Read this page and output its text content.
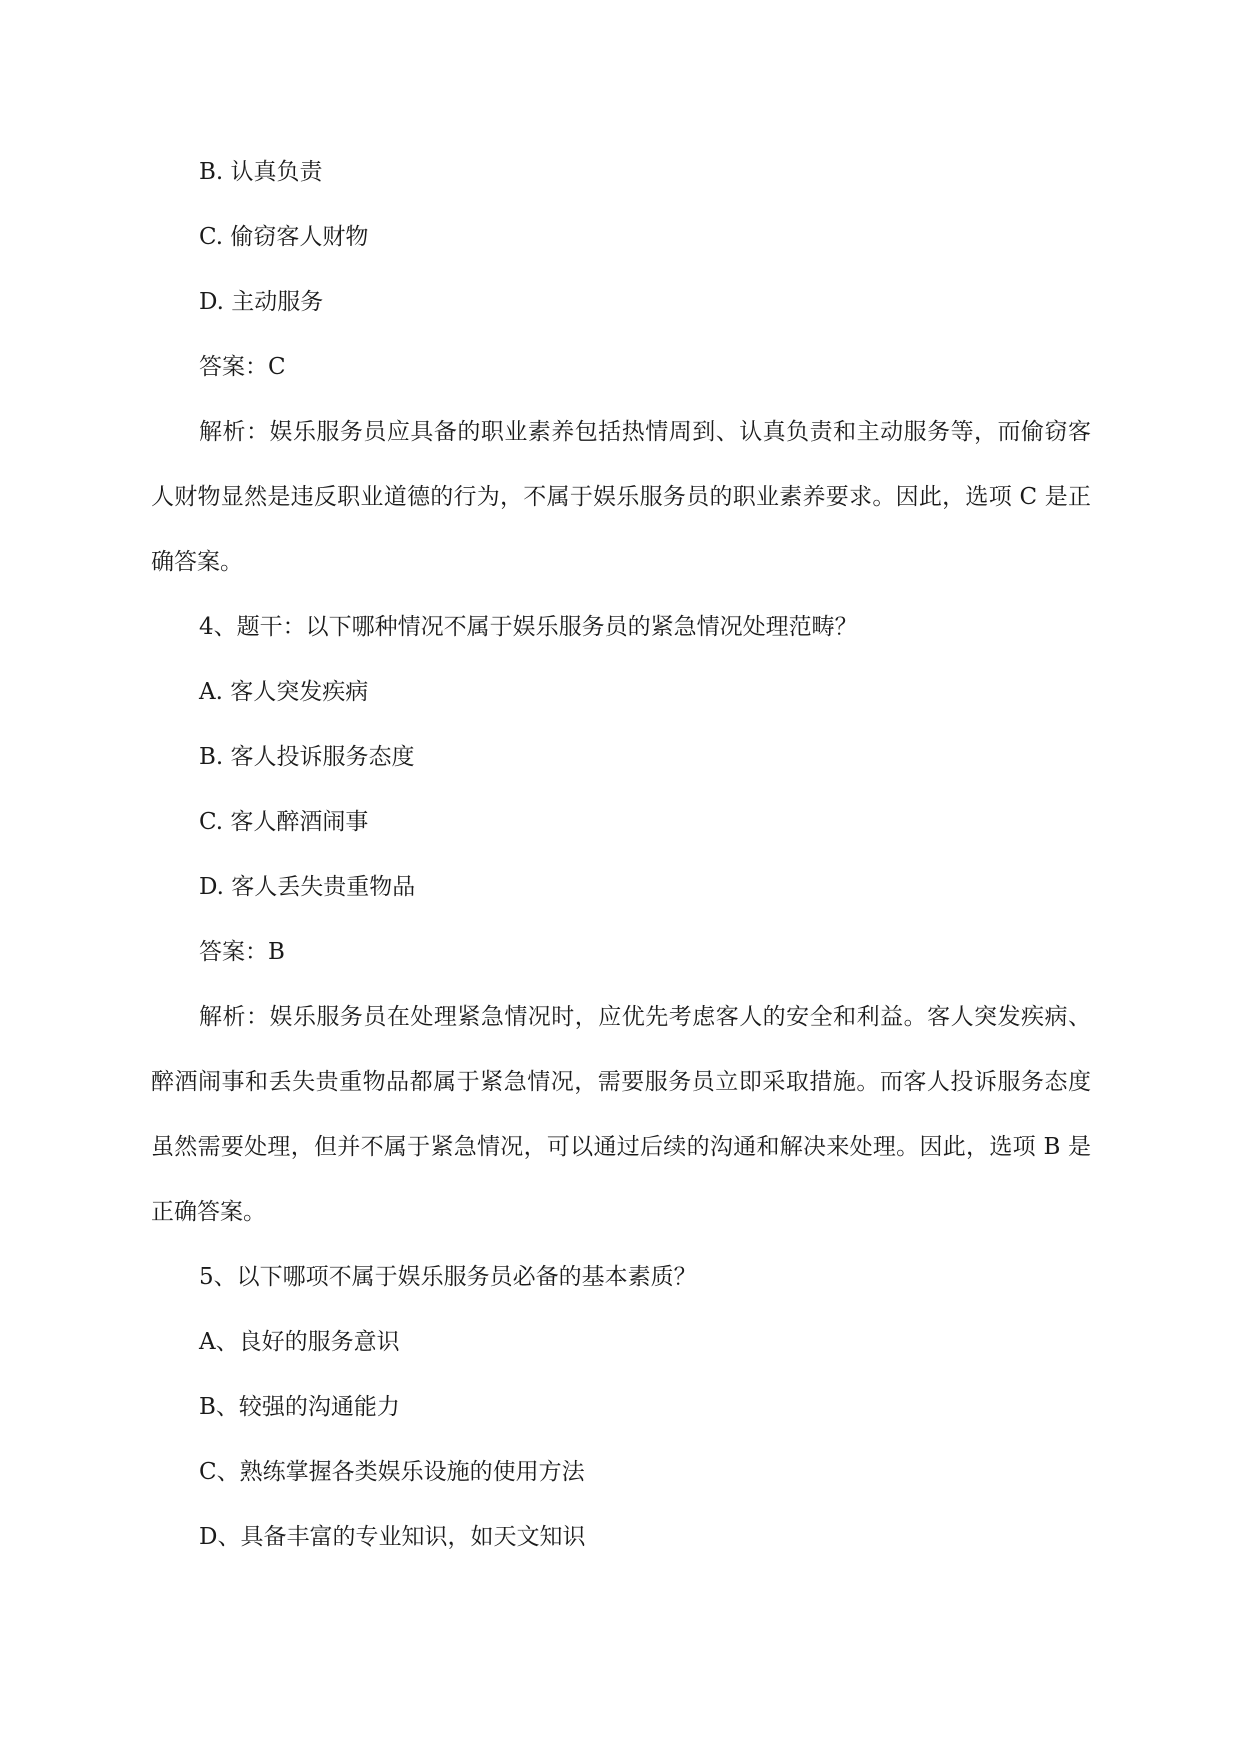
B. 认真负责

C. 偷窃客人财物

D. 主动服务

答案：C

解析：娱乐服务员应具备的职业素养包括热情周到、认真负责和主动服务等，而偷窃客人财物显然是违反职业道德的行为，不属于娱乐服务员的职业素养要求。因此，选项 C 是正确答案。

4、题干：以下哪种情况不属于娱乐服务员的紧急情况处理范畴？

A. 客人突发疾病

B. 客人投诉服务态度

C. 客人醉酒闹事

D. 客人丢失贵重物品

答案：B

解析：娱乐服务员在处理紧急情况时，应优先考虑客人的安全和利益。客人突发疾病、醉酒闹事和丢失贵重物品都属于紧急情况，需要服务员立即采取措施。而客人投诉服务态度虽然需要处理，但并不属于紧急情况，可以通过后续的沟通和解决来处理。因此，选项 B 是正确答案。

5、以下哪项不属于娱乐服务员必备的基本素质？

A、良好的服务意识

B、较强的沟通能力

C、熟练掌握各类娱乐设施的使用方法

D、具备丰富的专业知识，如天文知识
